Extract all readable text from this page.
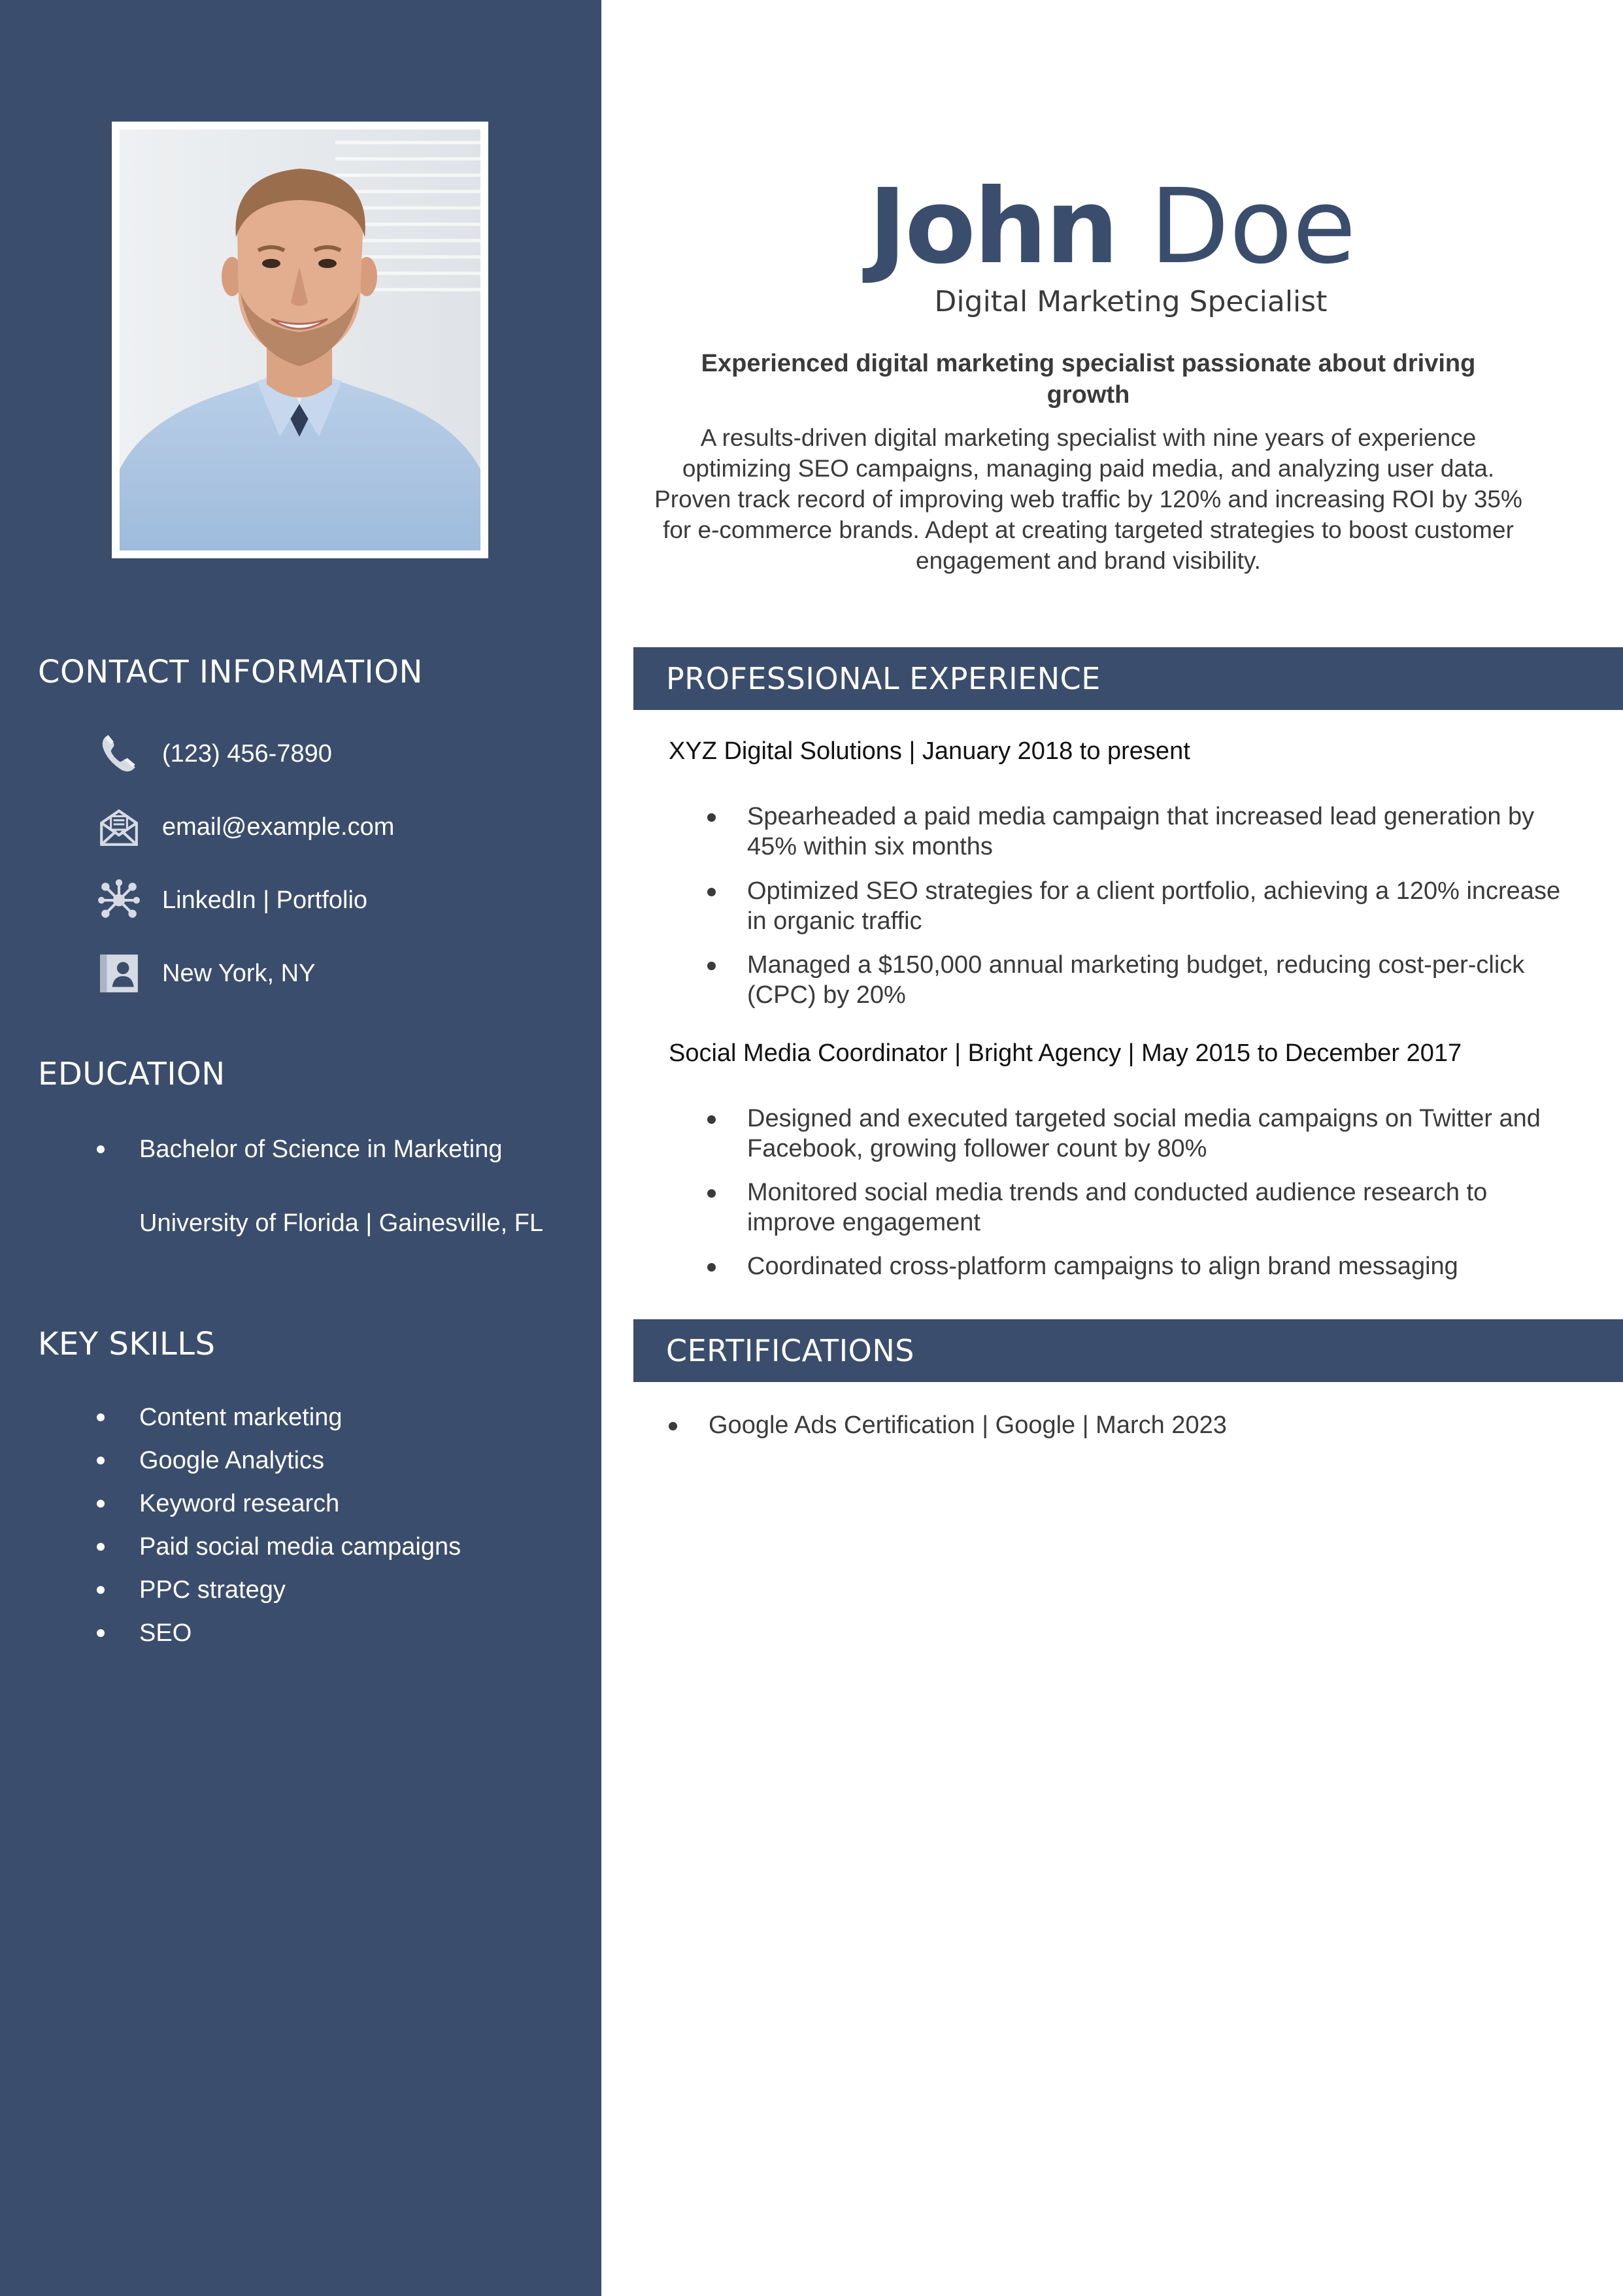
CONTACT INFORMATION
(123) 456-7890
email@example.com
LinkedIn | Portfolio
New York, NY
EDUCATION
Bachelor of Science in Marketing
University of Florida | Gainesville, FL
KEY SKILLS
Content marketing
Google Analytics
Keyword research
Paid social media campaigns
PPC strategy
SEO
John Doe
Digital Marketing Specialist
Experienced digital marketing specialist passionate about driving growth
A results-driven digital marketing specialist with nine years of experience optimizing SEO campaigns, managing paid media, and analyzing user data. Proven track record of improving web traffic by 120% and increasing ROI by 35% for e-commerce brands. Adept at creating targeted strategies to boost customer engagement and brand visibility.
PROFESSIONAL EXPERIENCE
XYZ Digital Solutions | January 2018 to present
Spearheaded a paid media campaign that increased lead generation by 45% within six months
Optimized SEO strategies for a client portfolio, achieving a 120% increase in organic traffic
Managed a $150,000 annual marketing budget, reducing cost-per-click (CPC) by 20%
Social Media Coordinator | Bright Agency | May 2015 to December 2017
Designed and executed targeted social media campaigns on Twitter and Facebook, growing follower count by 80%
Monitored social media trends and conducted audience research to improve engagement
Coordinated cross-platform campaigns to align brand messaging
CERTIFICATIONS
Google Ads Certification | Google | March 2023
